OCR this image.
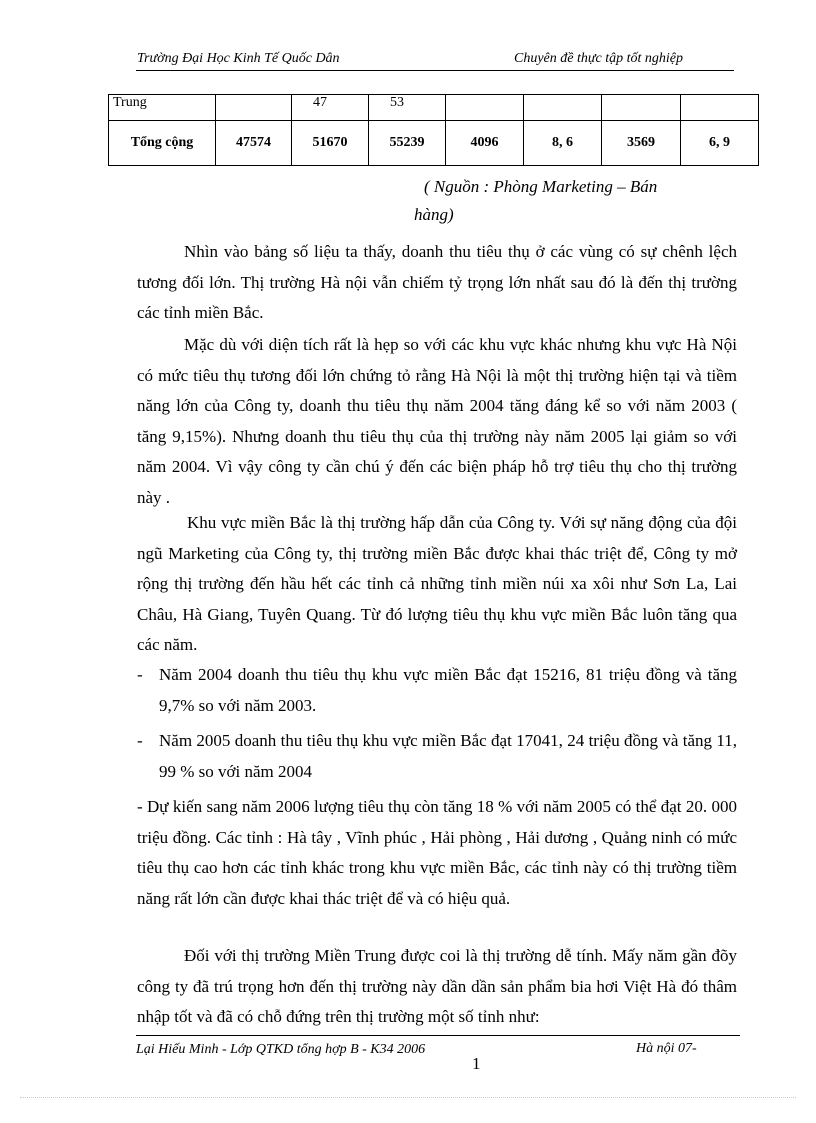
Trường Đại Học Kinh Tế Quốc Dân	Chuyên đề thực tập tốt nghiệp
Trung		47	53				
Tổng cộng	47574	51670	55239	4096	8, 6	3569	6, 9
( Nguồn : Phòng Marketing – Bán
hàng)
Nhìn vào bảng số liệu ta thấy, doanh thu tiêu thụ ở các vùng có sự chênh lệch tương đối lớn. Thị trường Hà nội vẫn chiếm tỷ trọng lớn nhất sau đó là đến thị trường các tỉnh miền Bắc.
Mặc dù với diện tích rất là hẹp so với các khu vực khác nhưng khu vực Hà Nội có mức tiêu thụ tương đối lớn chứng tỏ rằng Hà Nội là một thị trường hiện tại và tiềm năng lớn của Công ty, doanh thu tiêu thụ năm 2004 tăng đáng kể so với năm 2003 ( tăng 9,15%). Nhưng doanh thu tiêu thụ của thị trường này năm 2005 lại giảm so với năm 2004. Vì vậy công ty cần chú ý đến các biện pháp hỗ trợ tiêu thụ cho thị trường này .
Khu vực miền Bắc là thị trường hấp dẫn của Công ty. Với sự năng động của đội ngũ Marketing của Công ty, thị trường miền Bắc được khai thác triệt để, Công ty mở rộng thị trường đến hầu hết các tỉnh cả những tỉnh miền núi xa xôi như Sơn La, Lai Châu, Hà Giang, Tuyên Quang. Từ đó lượng tiêu thụ khu vực miền Bắc luôn tăng qua các năm.
- Năm 2004 doanh thu tiêu thụ khu vực miền Bắc đạt 15216, 81 triệu đồng và tăng 9,7% so với năm 2003.
- Năm 2005 doanh thu tiêu thụ khu vực miền Bắc đạt 17041, 24 triệu đồng và tăng 11, 99 % so với năm 2004
- Dự kiến sang năm 2006 lượng tiêu thụ còn tăng 18 % với năm 2005 có thể đạt 20. 000 triệu đồng. Các tỉnh : Hà tây , Vĩnh phúc , Hải phòng , Hải dương , Quảng ninh có mức tiêu thụ cao hơn các tỉnh khác trong khu vực miền Bắc, các tỉnh này có thị trường tiềm năng rất lớn cần được khai thác triệt để và có hiệu quả.
Đối với thị trường Miền Trung được coi là thị trường dễ tính. Mấy năm gần đõy công ty đã trú trọng hơn đến thị trường này dần dần sản phẩm bia hơi Việt Hà đó thâm nhập tốt và đã có chỗ đứng trên thị trường một số tỉnh như:
Lại Hiếu Minh - Lớp QTKD tổng hợp B - K34 2006	Hà nội 07-
1
